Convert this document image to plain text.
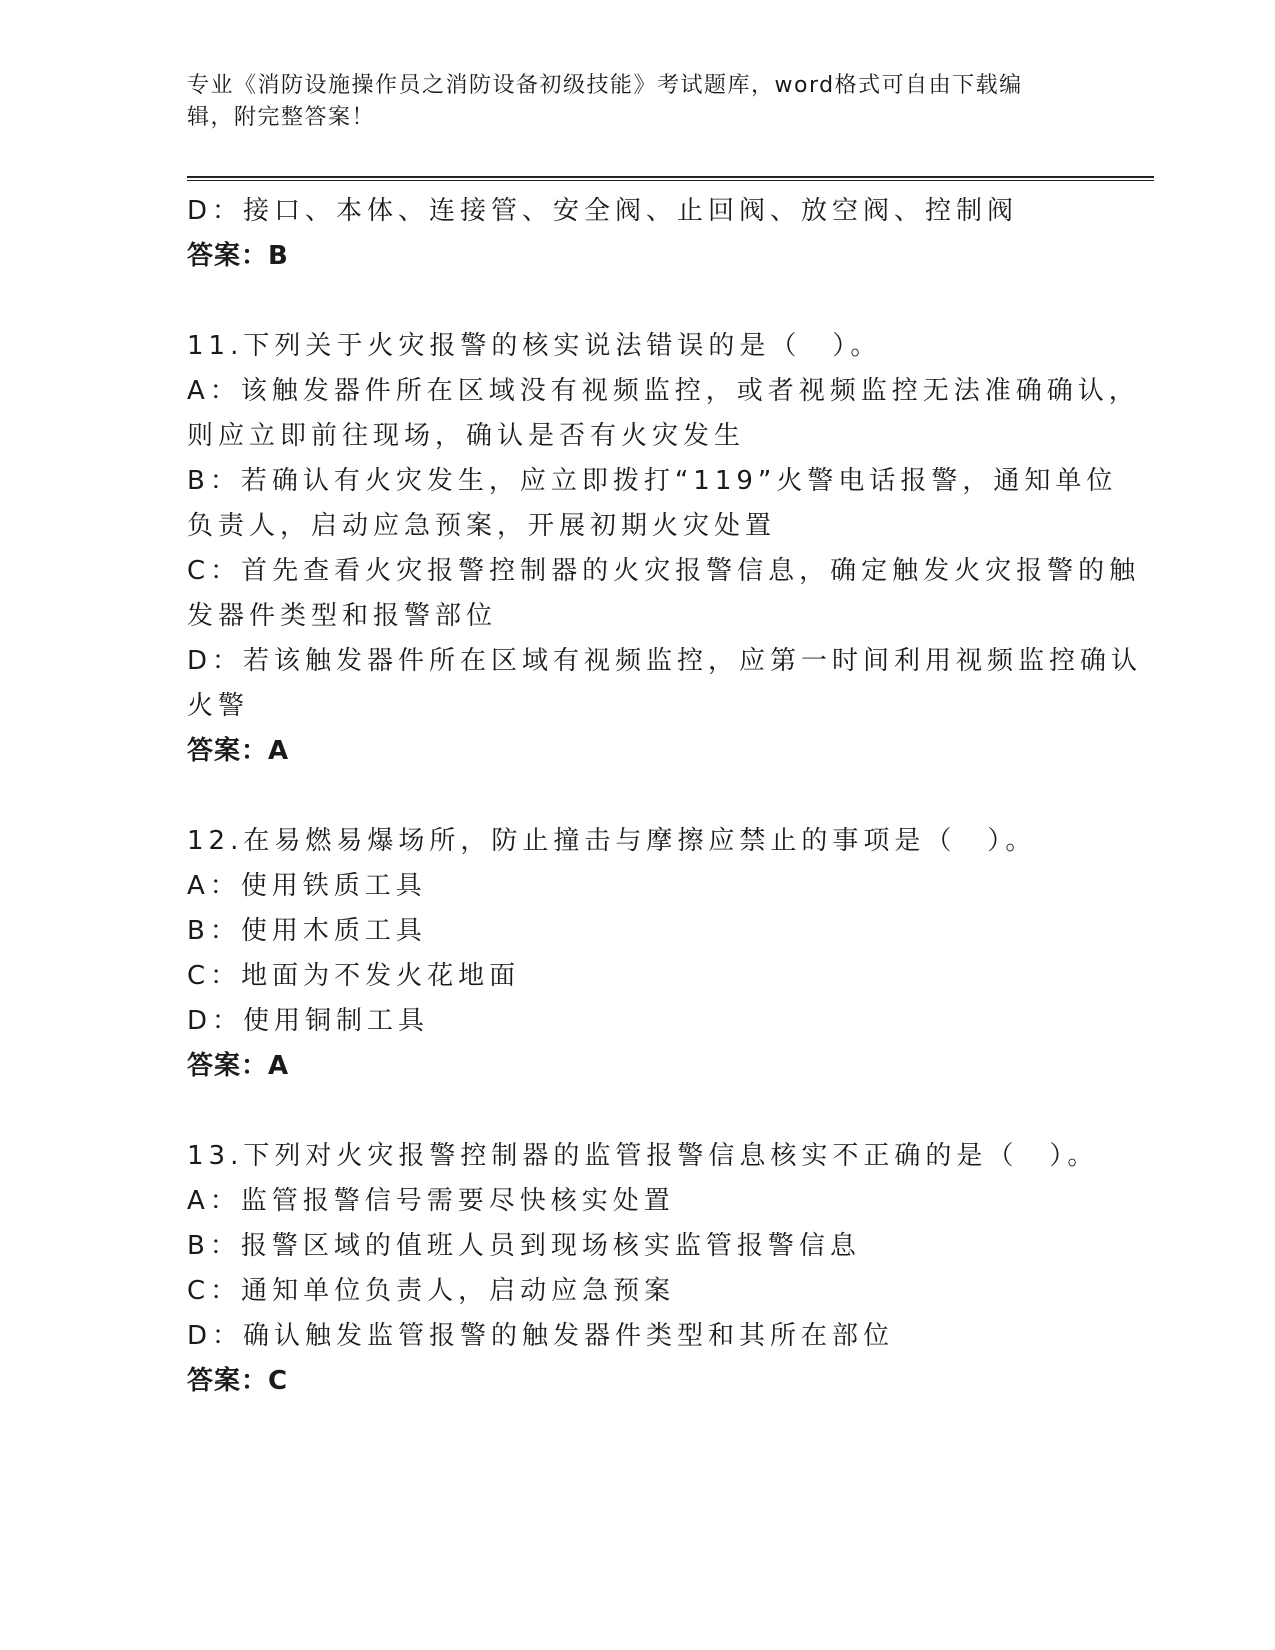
专业《消防设施操作员之消防设备初级技能》考试题库，word格式可自由下载编
辑，附完整答案！
D：接口、本体、连接管、安全阀、止回阀、放空阀、控制阀
答案：B
11.下列关于火灾报警的核实说法错误的是（　）。
A：该触发器件所在区域没有视频监控，或者视频监控无法准确确认，
则应立即前往现场，确认是否有火灾发生
B：若确认有火灾发生，应立即拨打“119”火警电话报警，通知单位
负责人，启动应急预案，开展初期火灾处置
C：首先查看火灾报警控制器的火灾报警信息，确定触发火灾报警的触
发器件类型和报警部位
D：若该触发器件所在区域有视频监控，应第一时间利用视频监控确认
火警
答案：A
12.在易燃易爆场所，防止撞击与摩擦应禁止的事项是（　）。
A：使用铁质工具
B：使用木质工具
C：地面为不发火花地面
D：使用铜制工具
答案：A
13.下列对火灾报警控制器的监管报警信息核实不正确的是（　）。
A：监管报警信号需要尽快核实处置
B：报警区域的值班人员到现场核实监管报警信息
C：通知单位负责人，启动应急预案
D：确认触发监管报警的触发器件类型和其所在部位
答案：C
